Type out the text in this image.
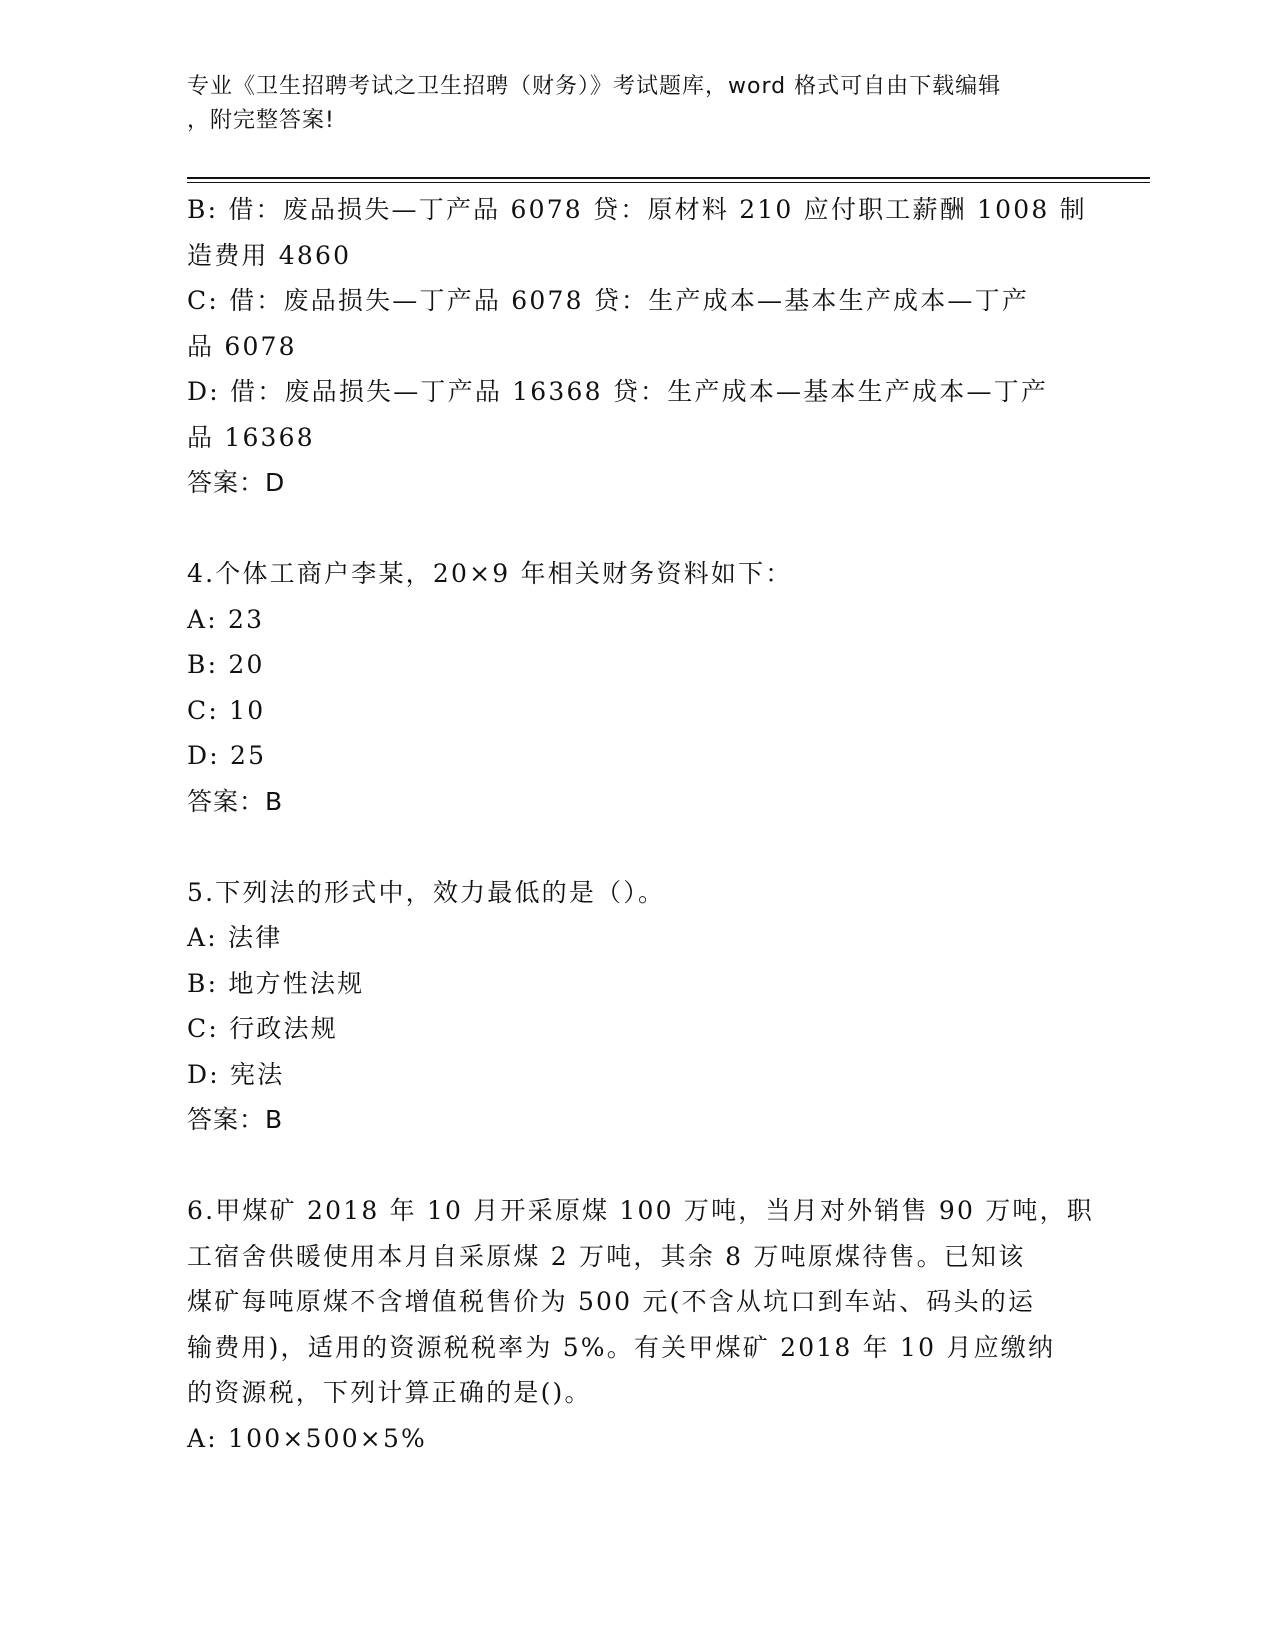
专业《卫生招聘考试之卫生招聘（财务）》考试题库，word 格式可自由下载编辑
，附完整答案!
B: 借：废品损失—丁产品 6078 贷：原材料 210 应付职工薪酬 1008 制
造费用 4860
C: 借：废品损失—丁产品 6078 贷：生产成本—基本生产成本—丁产
品 6078
D: 借：废品损失—丁产品 16368 贷：生产成本—基本生产成本—丁产
品 16368
答案：D
4.个体工商户李某，20×9 年相关财务资料如下：
A: 23
B: 20
C: 10
D: 25
答案：B
5.下列法的形式中，效力最低的是（）。
A: 法律
B: 地方性法规
C: 行政法规
D: 宪法
答案：B
6.甲煤矿 2018 年 10 月开采原煤 100 万吨，当月对外销售 90 万吨，职
工宿舍供暖使用本月自采原煤 2 万吨，其余 8 万吨原煤待售。已知该
煤矿每吨原煤不含增值税售价为 500 元(不含从坑口到车站、码头的运
输费用)，适用的资源税税率为 5%。有关甲煤矿 2018 年 10 月应缴纳
的资源税，下列计算正确的是()。
A: 100×500×5%
